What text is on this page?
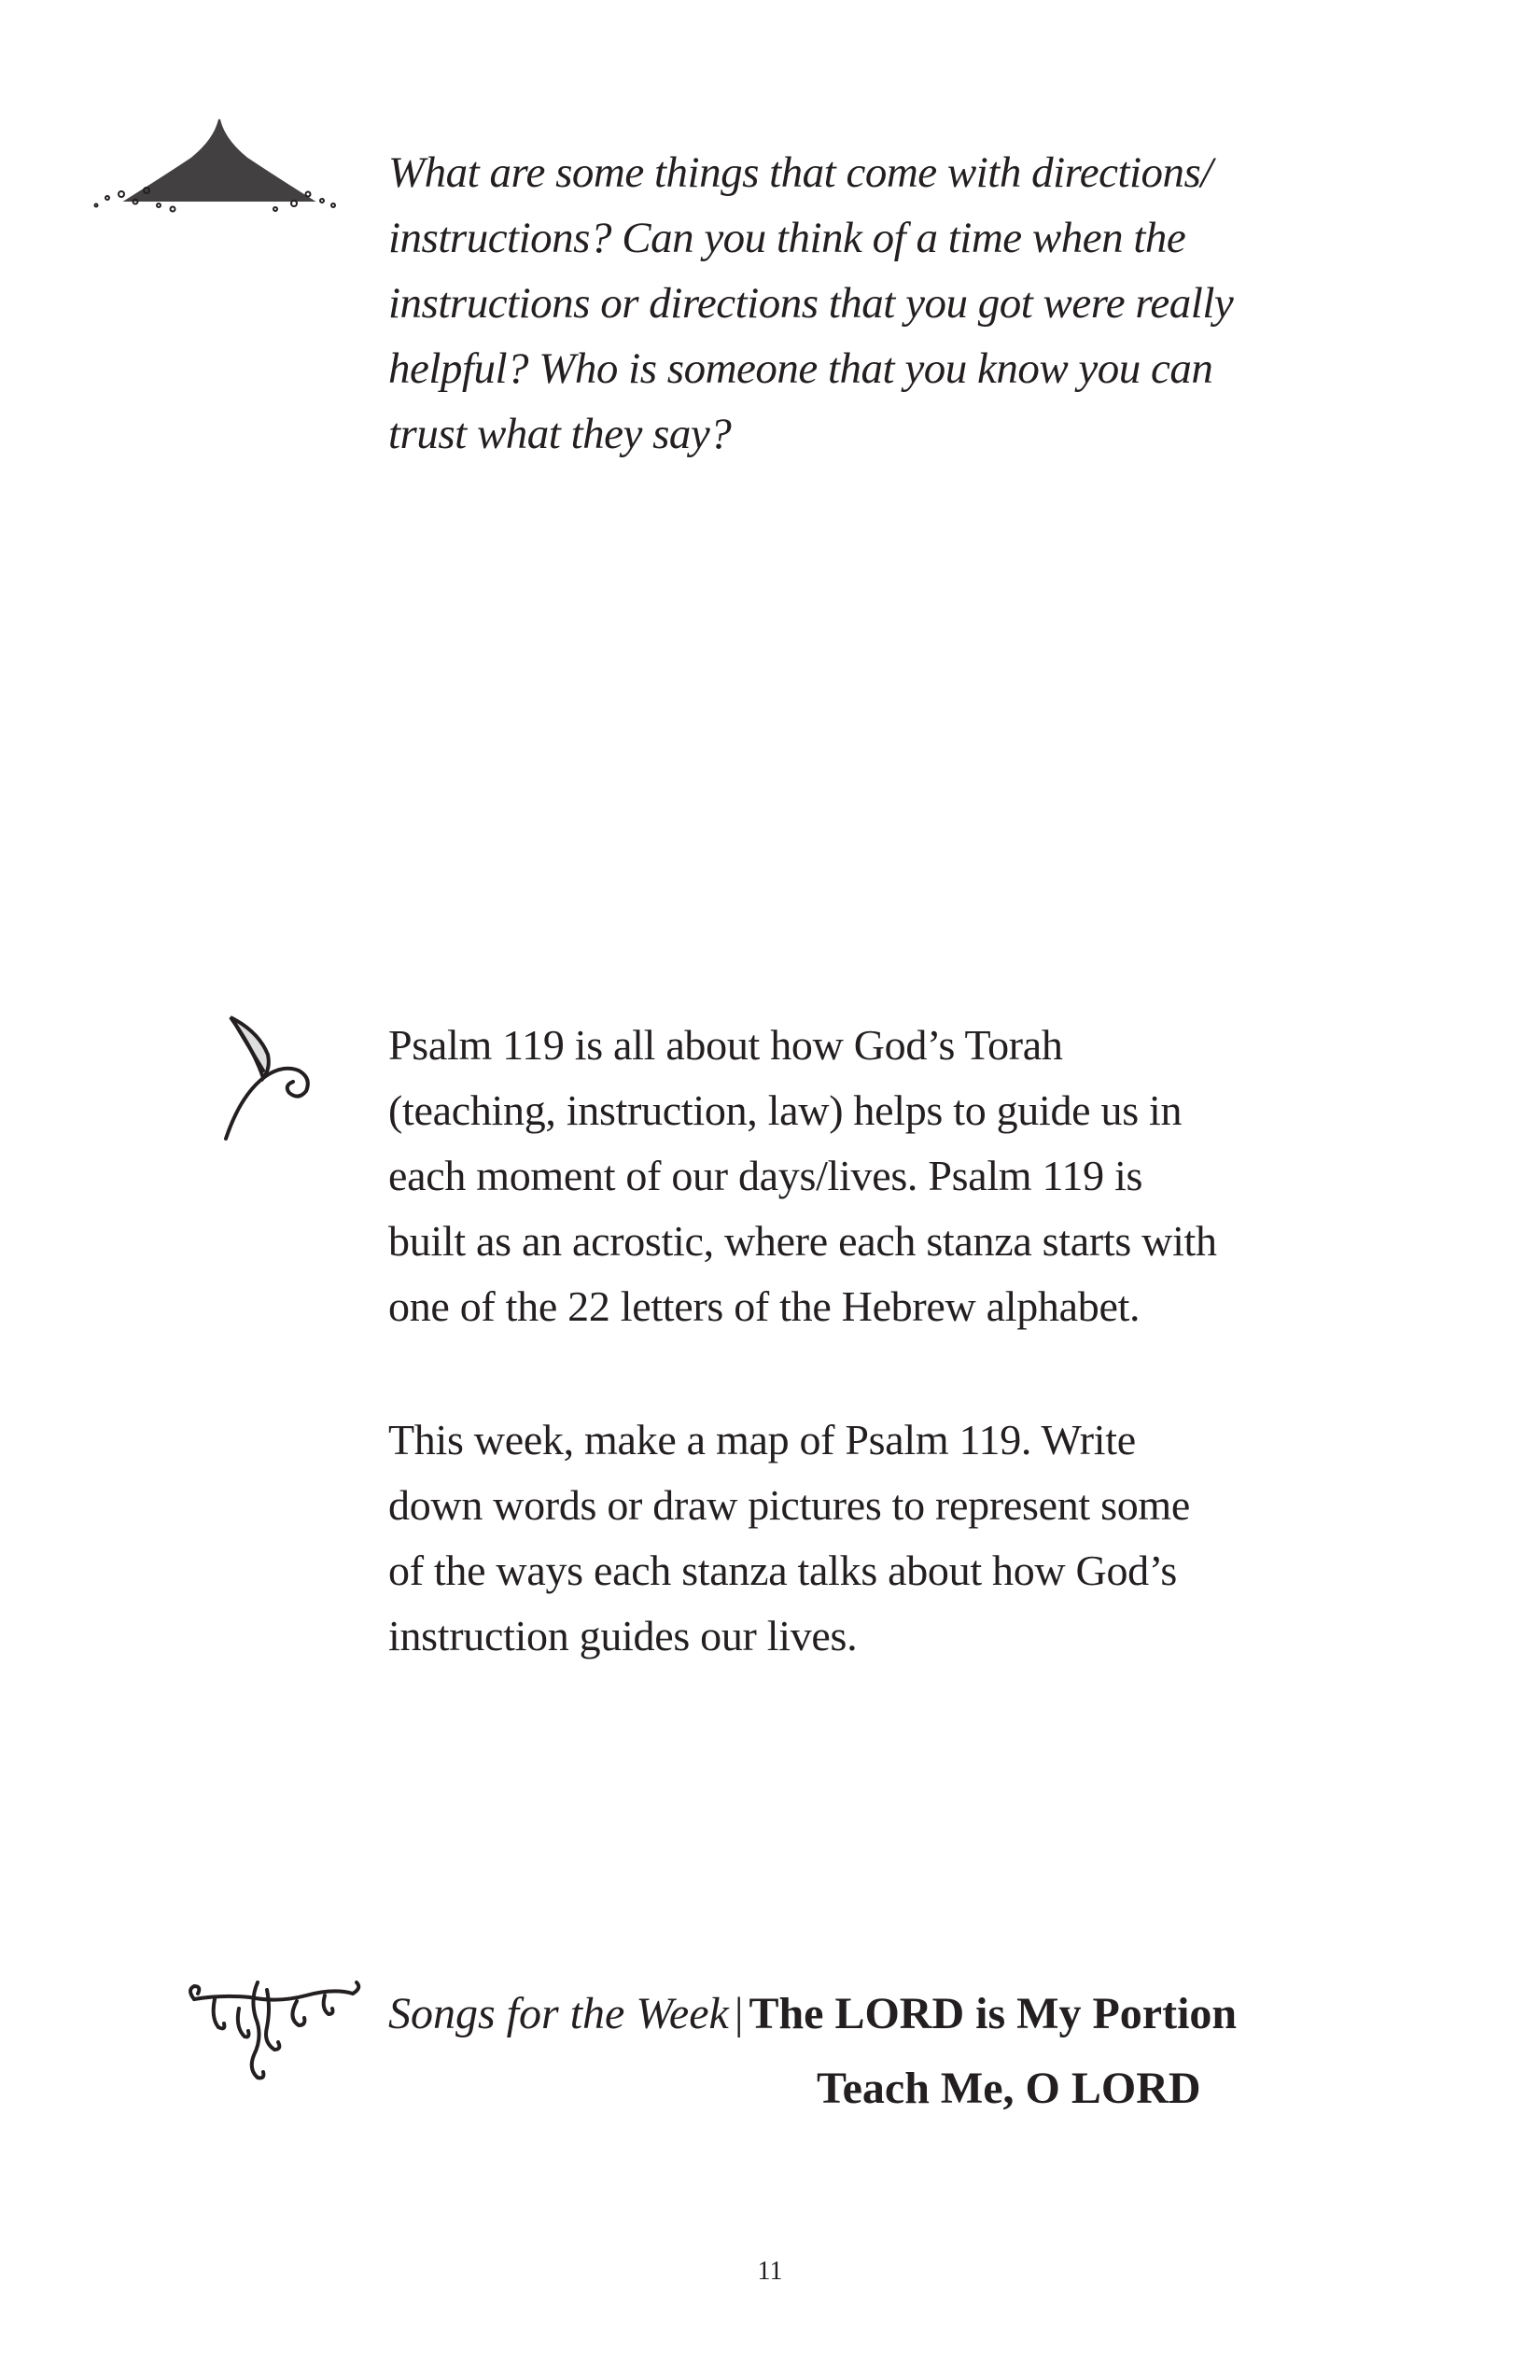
What are some things that come with directions/
instructions? Can you think of a time when the
instructions or directions that you got were really
helpful? Who is someone that you know you can
trust what they say?
Psalm 119 is all about how God’s Torah
(teaching, instruction, law) helps to guide us in
each moment of our days/lives. Psalm 119 is
built as an acrostic, where each stanza starts with
one of the 22 letters of the Hebrew alphabet.
This week, make a map of Psalm 119. Write
down words or draw pictures to represent some
of the ways each stanza talks about how God’s
instruction guides our lives.
Songs for the Week | The LORD is My Portion
Teach Me, O LORD
11
